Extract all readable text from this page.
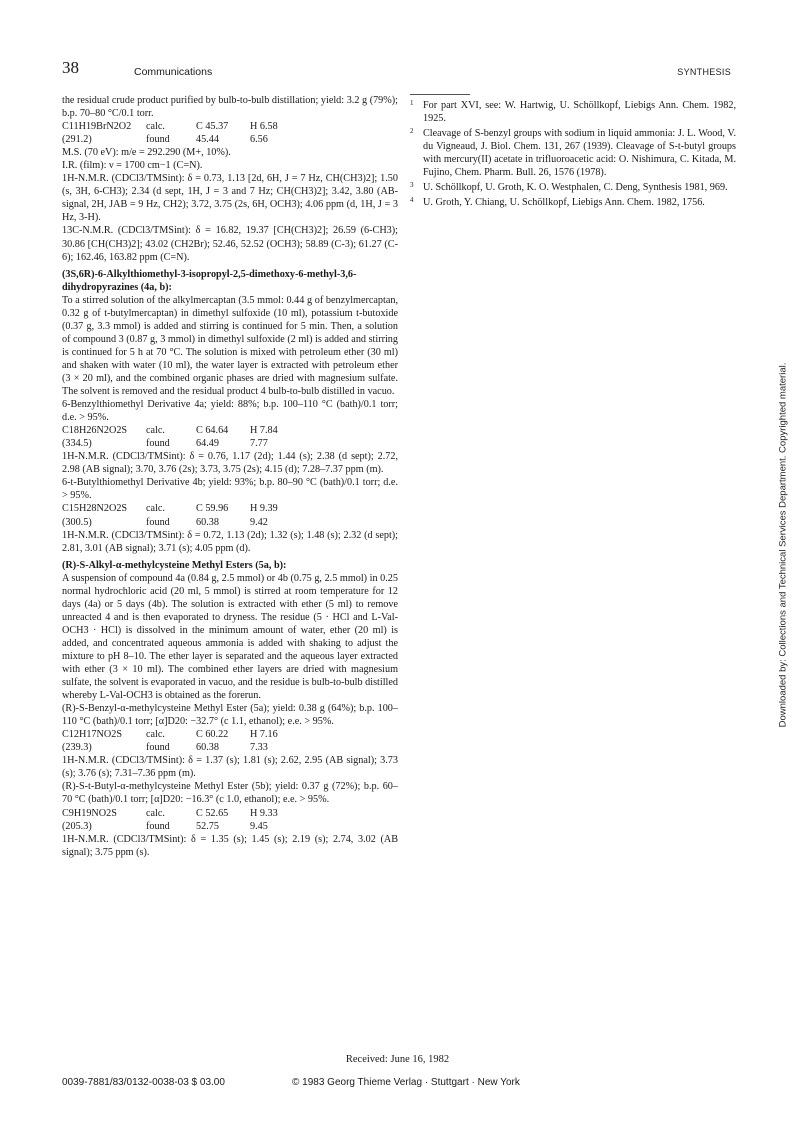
38	Communications	SYNTHESIS

the residual crude product purified by bulb-to-bulb distillation; yield: 3.2 g (79%); b.p. 70–80 °C/0.1 torr.

C11H19BrN2O2	calc.	C 45.37	H 6.58
(291.2)	found	45.44	6.56

M.S. (70 eV): m/e = 292.290 (M+, 10%).

I.R. (film): ν = 1700 cm−1 (C=N).

1H-N.M.R. (CDCl3/TMSint): δ = 0.73, 1.13 [2d, 6H, J = 7 Hz, CH(CH3)2]; 1.50 (s, 3H, 6-CH3); 2.34 (d sept, 1H, J = 3 and 7 Hz; CH(CH3)2]; 3.42, 3.80 (AB-signal, 2H, JAB = 9 Hz, CH2); 3.72, 3.75 (2s, 6H, OCH3); 4.06 ppm (d, 1H, J = 3 Hz, 3-H).

13C-N.M.R. (CDCl3/TMSint): δ = 16.82, 19.37 [CH(CH3)2]; 26.59 (6-CH3); 30.86 [CH(CH3)2]; 43.02 (CH2Br); 52.46, 52.52 (OCH3); 58.89 (C-3); 61.27 (C-6); 162.46, 163.82 ppm (C=N).

(3S,6R)-6-Alkylthiomethyl-3-isopropyl-2,5-dimethoxy-6-methyl-3,6-dihydropyrazines (4a, b):

To a stirred solution of the alkylmercaptan (3.5 mmol: 0.44 g of benzylmercaptan, 0.32 g of t-butylmercaptan) in dimethyl sulfoxide (10 ml), potassium t-butoxide (0.37 g, 3.3 mmol) is added and stirring is continued for 5 min. Then, a solution of compound 3 (0.87 g, 3 mmol) in dimethyl sulfoxide (2 ml) is added and stirring is continued for 5 h at 70 °C. The solution is mixed with petroleum ether (30 ml) and shaken with water (10 ml), the water layer is extracted with petroleum ether (3 × 20 ml), and the combined organic phases are dried with magnesium sulfate. The solvent is removed and the residual product 4 bulb-to-bulb distilled in vacuo.

6-Benzylthiomethyl Derivative 4a; yield: 88%; b.p. 100–110 °C (bath)/0.1 torr; d.e. > 95%.

C18H26N2O2S	calc.	C 64.64	H 7.84
(334.5)	found	64.49	7.77

1H-N.M.R. (CDCl3/TMSint): δ = 0.76, 1.17 (2d); 1.44 (s); 2.38 (d sept); 2.72, 2.98 (AB signal); 3.70, 3.76 (2s); 3.73, 3.75 (2s); 4.15 (d); 7.28–7.37 ppm (m).

6-t-Butylthiomethyl Derivative 4b; yield: 93%; b.p. 80–90 °C (bath)/0.1 torr; d.e. > 95%.

C15H28N2O2S	calc.	C 59.96	H 9.39
(300.5)	found	60.38	9.42

1H-N.M.R. (CDCl3/TMSint): δ = 0.72, 1.13 (2d); 1.32 (s); 1.48 (s); 2.32 (d sept); 2.81, 3.01 (AB signal); 3.71 (s); 4.05 ppm (d).

(R)-S-Alkyl-α-methylcysteine Methyl Esters (5a, b):

A suspension of compound 4a (0.84 g, 2.5 mmol) or 4b (0.75 g, 2.5 mmol) in 0.25 normal hydrochloric acid (20 ml, 5 mmol) is stirred at room temperature for 12 days (4a) or 5 days (4b). The solution is extracted with ether (5 ml) to remove unreacted 4 and is then evaporated to dryness. The residue (5 · HCl and L-Val-OCH3 · HCl) is dissolved in the minimum amount of water, ether (20 ml) is added, and concentrated aqueous ammonia is added with shaking to adjust the mixture to pH 8–10. The ether layer is separated and the aqueous layer extracted with ether (3 × 10 ml). The combined ether layers are dried with magnesium sulfate, the solvent is evaporated in vacuo, and the residue is bulb-to-bulb distilled whereby L-Val-OCH3 is obtained as the forerun.

(R)-S-Benzyl-α-methylcysteine Methyl Ester (5a); yield: 0.38 g (64%); b.p. 100–110 °C (bath)/0.1 torr; [α]D20: −32.7° (c 1.1, ethanol); e.e. > 95%.

C12H17NO2S	calc.	C 60.22	H 7.16
(239.3)	found	60.38	7.33

1H-N.M.R. (CDCl3/TMSint): δ = 1.37 (s); 1.81 (s); 2.62, 2.95 (AB signal); 3.73 (s); 3.76 (s); 7.31–7.36 ppm (m).

(R)-S-t-Butyl-α-methylcysteine Methyl Ester (5b); yield: 0.37 g (72%); b.p. 60–70 °C (bath)/0.1 torr; [α]D20: −16.3° (c 1.0, ethanol); e.e. > 95%.

C9H19NO2S	calc.	C 52.65	H 9.33
(205.3)	found	52.75	9.45

1H-N.M.R. (CDCl3/TMSint): δ = 1.35 (s); 1.45 (s); 2.19 (s); 2.74, 3.02 (AB signal); 3.75 ppm (s).

1 For part XVI, see: W. Hartwig, U. Schöllkopf, Liebigs Ann. Chem. 1982, 1925.
2 Cleavage of S-benzyl groups with sodium in liquid ammonia: J. L. Wood, V. du Vigneaud, J. Biol. Chem. 131, 267 (1939). Cleavage of S-t-butyl groups with mercury(II) acetate in trifluoroacetic acid: O. Nishimura, C. Kitada, M. Fujino, Chem. Pharm. Bull. 26, 1576 (1978).
3 U. Schöllkopf, U. Groth, K. O. Westphalen, C. Deng, Synthesis 1981, 969.
4 U. Groth, Y. Chiang, U. Schöllkopf, Liebigs Ann. Chem. 1982, 1756.
Received: June 16, 1982
0039-7881/83/0132-0038-03 $ 03.00	© 1983 Georg Thieme Verlag · Stuttgart · New York
Downloaded by: Collections and Technical Services Department. Copyrighted material.
